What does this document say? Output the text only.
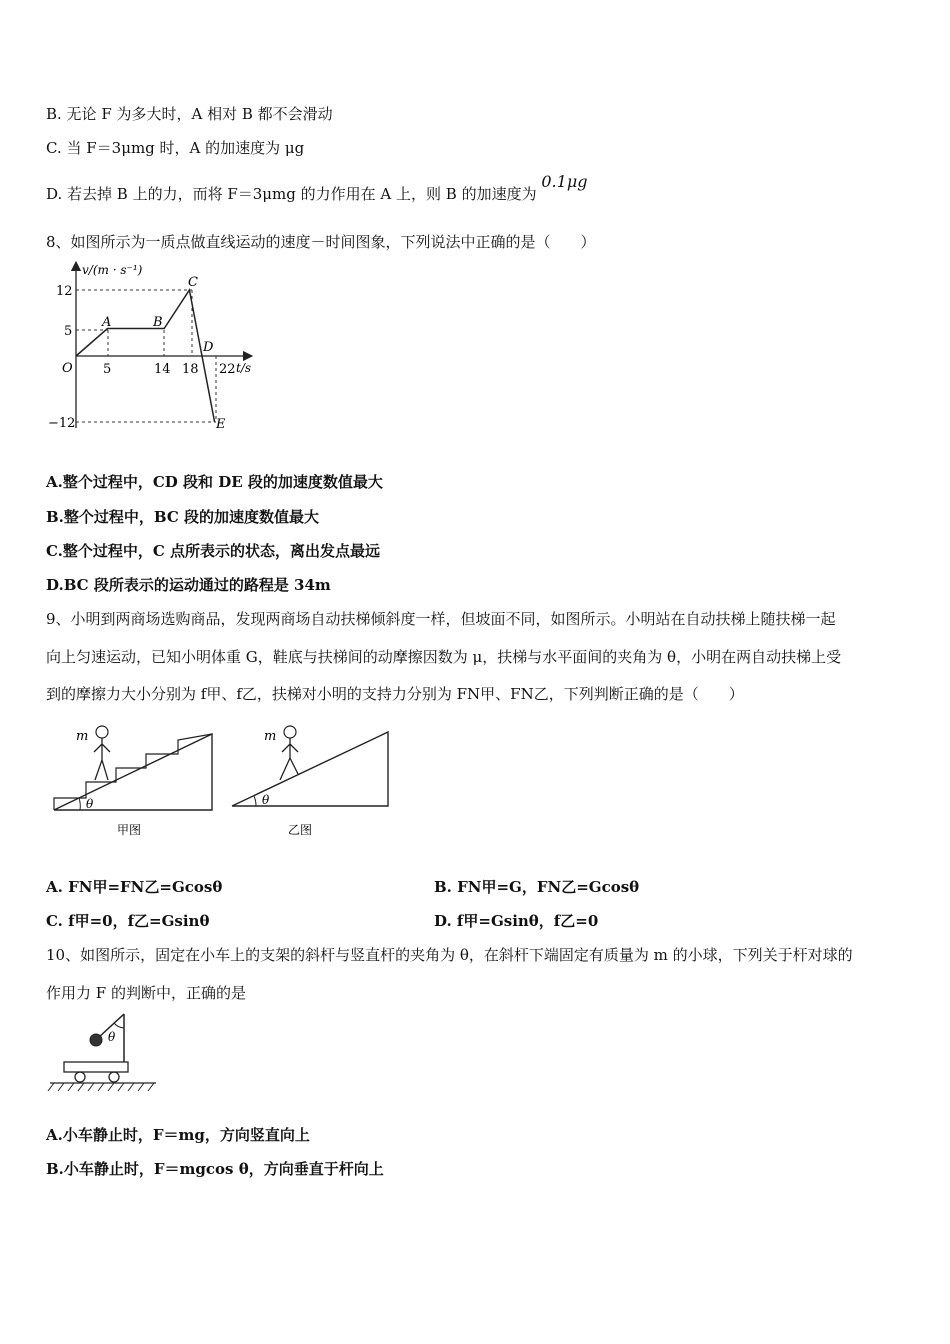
B. 无论 F 为多大时，A 相对 B 都不会滑动
C. 当 F＝3μmg 时，A 的加速度为 μg
D. 若去掉 B 上的力，而将 F＝3μmg 的力作用在 A 上，则 B 的加速度为 0.1μg
8、如图所示为一质点做直线运动的速度－时间图象，下列说法中正确的是（　　）
v/(m · s⁻¹)
t/s
O
12
5
−12
5	14 18 22
A	B
C
D
E
A.整个过程中，CD 段和 DE 段的加速度数值最大
B.整个过程中，BC 段的加速度数值最大
C.整个过程中，C 点所表示的状态，离出发点最远
D.BC 段所表示的运动通过的路程是 34m
9、小明到两商场选购商品，发现两商场自动扶梯倾斜度一样，但坡面不同，如图所示。小明站在自动扶梯上随扶梯一起
向上匀速运动，已知小明体重 G，鞋底与扶梯间的动摩擦因数为 μ，扶梯与水平面间的夹角为 θ，小明在两自动扶梯上受
到的摩擦力大小分别为 f甲、f乙，扶梯对小明的支持力分别为 FN甲、FN乙，下列判断正确的是（　　）
θ
m
甲图
θ
m
乙图
A. FN甲=FN乙=Gcosθ	B. FN甲=G，FN乙=Gcosθ
C. f甲=0，f乙=Gsinθ	D. f甲=Gsinθ，f乙=0
10、如图所示，固定在小车上的支架的斜杆与竖直杆的夹角为 θ，在斜杆下端固定有质量为 m 的小球，下列关于杆对球的
作用力 F 的判断中，正确的是
θ
A.小车静止时，F＝mg，方向竖直向上
B.小车静止时，F＝mgcos θ，方向垂直于杆向上
